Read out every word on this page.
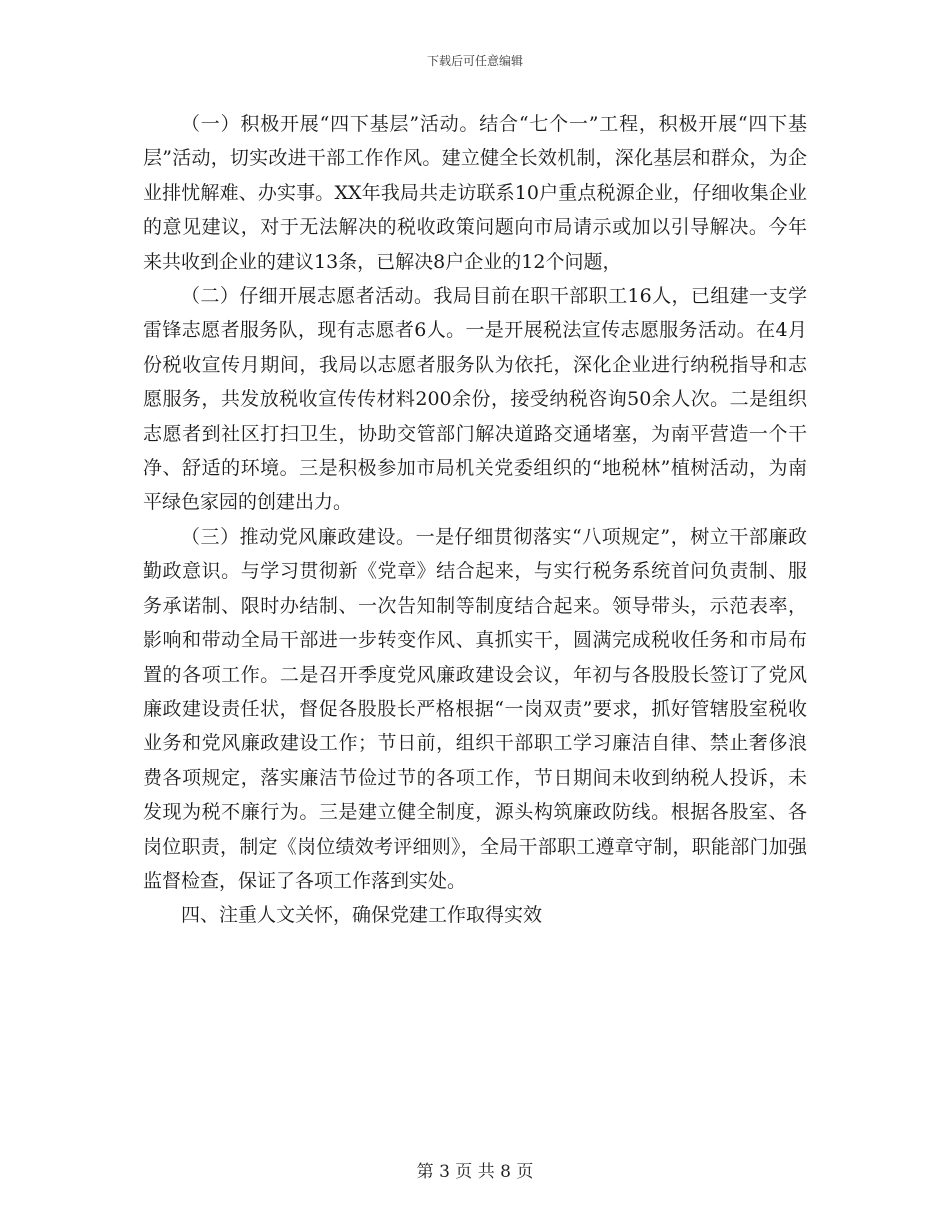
下载后可任意编辑

（一）积极开展“四下基层”活动。结合“七个一”工程，积极开展“四下基层”活动，切实改进干部工作作风。建立健全长效机制，深化基层和群众，为企业排忧解难、办实事。XX年我局共走访联系10户重点税源企业，仔细收集企业的意见建议，对于无法解决的税收政策问题向市局请示或加以引导解决。今年来共收到企业的建议13条，已解决8户企业的12个问题，

（二）仔细开展志愿者活动。我局目前在职干部职工16人，已组建一支学雷锋志愿者服务队，现有志愿者6人。一是开展税法宣传志愿服务活动。在4月份税收宣传月期间，我局以志愿者服务队为依托，深化企业进行纳税指导和志愿服务，共发放税收宣传传材料200余份，接受纳税咨询50余人次。二是组织志愿者到社区打扫卫生，协助交管部门解决道路交通堵塞，为南平营造一个干净、舒适的环境。三是积极参加市局机关党委组织的“地税林”植树活动，为南平绿色家园的创建出力。

（三）推动党风廉政建设。一是仔细贯彻落实“八项规定”，树立干部廉政勤政意识。与学习贯彻新《党章》结合起来，与实行税务系统首问负责制、服务承诺制、限时办结制、一次告知制等制度结合起来。领导带头，示范表率，影响和带动全局干部进一步转变作风、真抓实干，圆满完成税收任务和市局布置的各项工作。二是召开季度党风廉政建设会议，年初与各股股长签订了党风廉政建设责任状，督促各股股长严格根据“一岗双责”要求，抓好管辖股室税收业务和党风廉政建设工作；节日前，组织干部职工学习廉洁自律、禁止奢侈浪费各项规定，落实廉洁节俭过节的各项工作，节日期间未收到纳税人投诉，未发现为税不廉行为。三是建立健全制度，源头构筑廉政防线。根据各股室、各岗位职责，制定《岗位绩效考评细则》，全局干部职工遵章守制，职能部门加强监督检查，保证了各项工作落到实处。

四、注重人文关怀，确保党建工作取得实效

第 3 页 共 8 页
